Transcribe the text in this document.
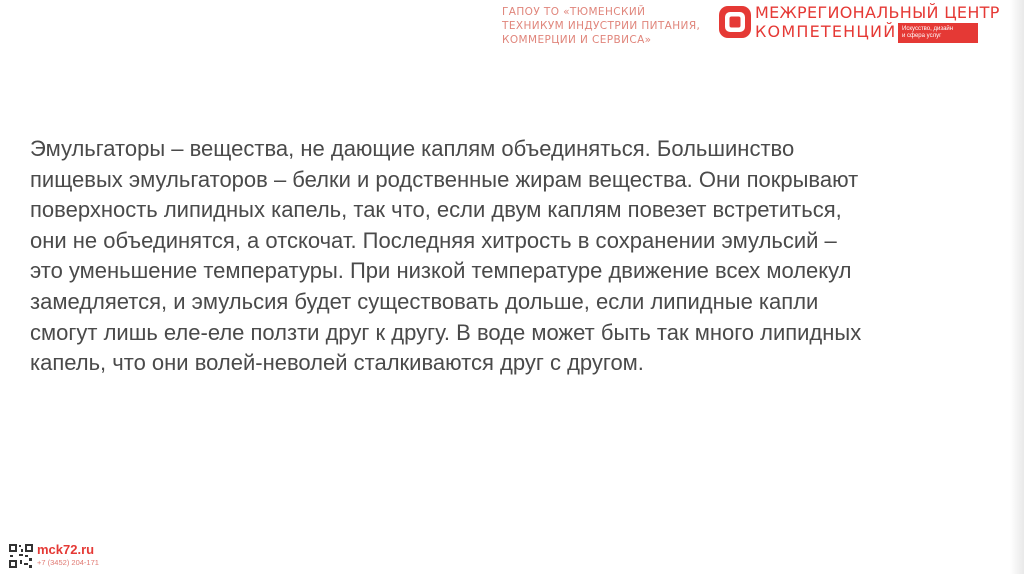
ГАПОУ ТО «ТЮМЕНСКИЙ
ТЕХНИКУМ ИНДУСТРИИ ПИТАНИЯ,
КОММЕРЦИИ И СЕРВИСА»
МЕЖРЕГИОНАЛЬНЫЙ ЦЕНТР
КОМПЕТЕНЦИЙ Искусство, дизайн
и сфера услуг

Эмульгаторы – вещества, не дающие каплям объединяться. Большинство
пищевых эмульгаторов – белки и родственные жирам вещества. Они покрывают
поверхность липидных капель, так что, если двум каплям повезет встретиться,
они не объединятся, а отскочат. Последняя хитрость в сохранении эмульсий –
это уменьшение температуры. При низкой температуре движение всех молекул
замедляется, и эмульсия будет существовать дольше, если липидные капли
смогут лишь еле-еле ползти друг к другу. В воде может быть так много липидных
капель, что они волей-неволей сталкиваются друг с другом.

mck72.ru
+7 (3452) 204-171
